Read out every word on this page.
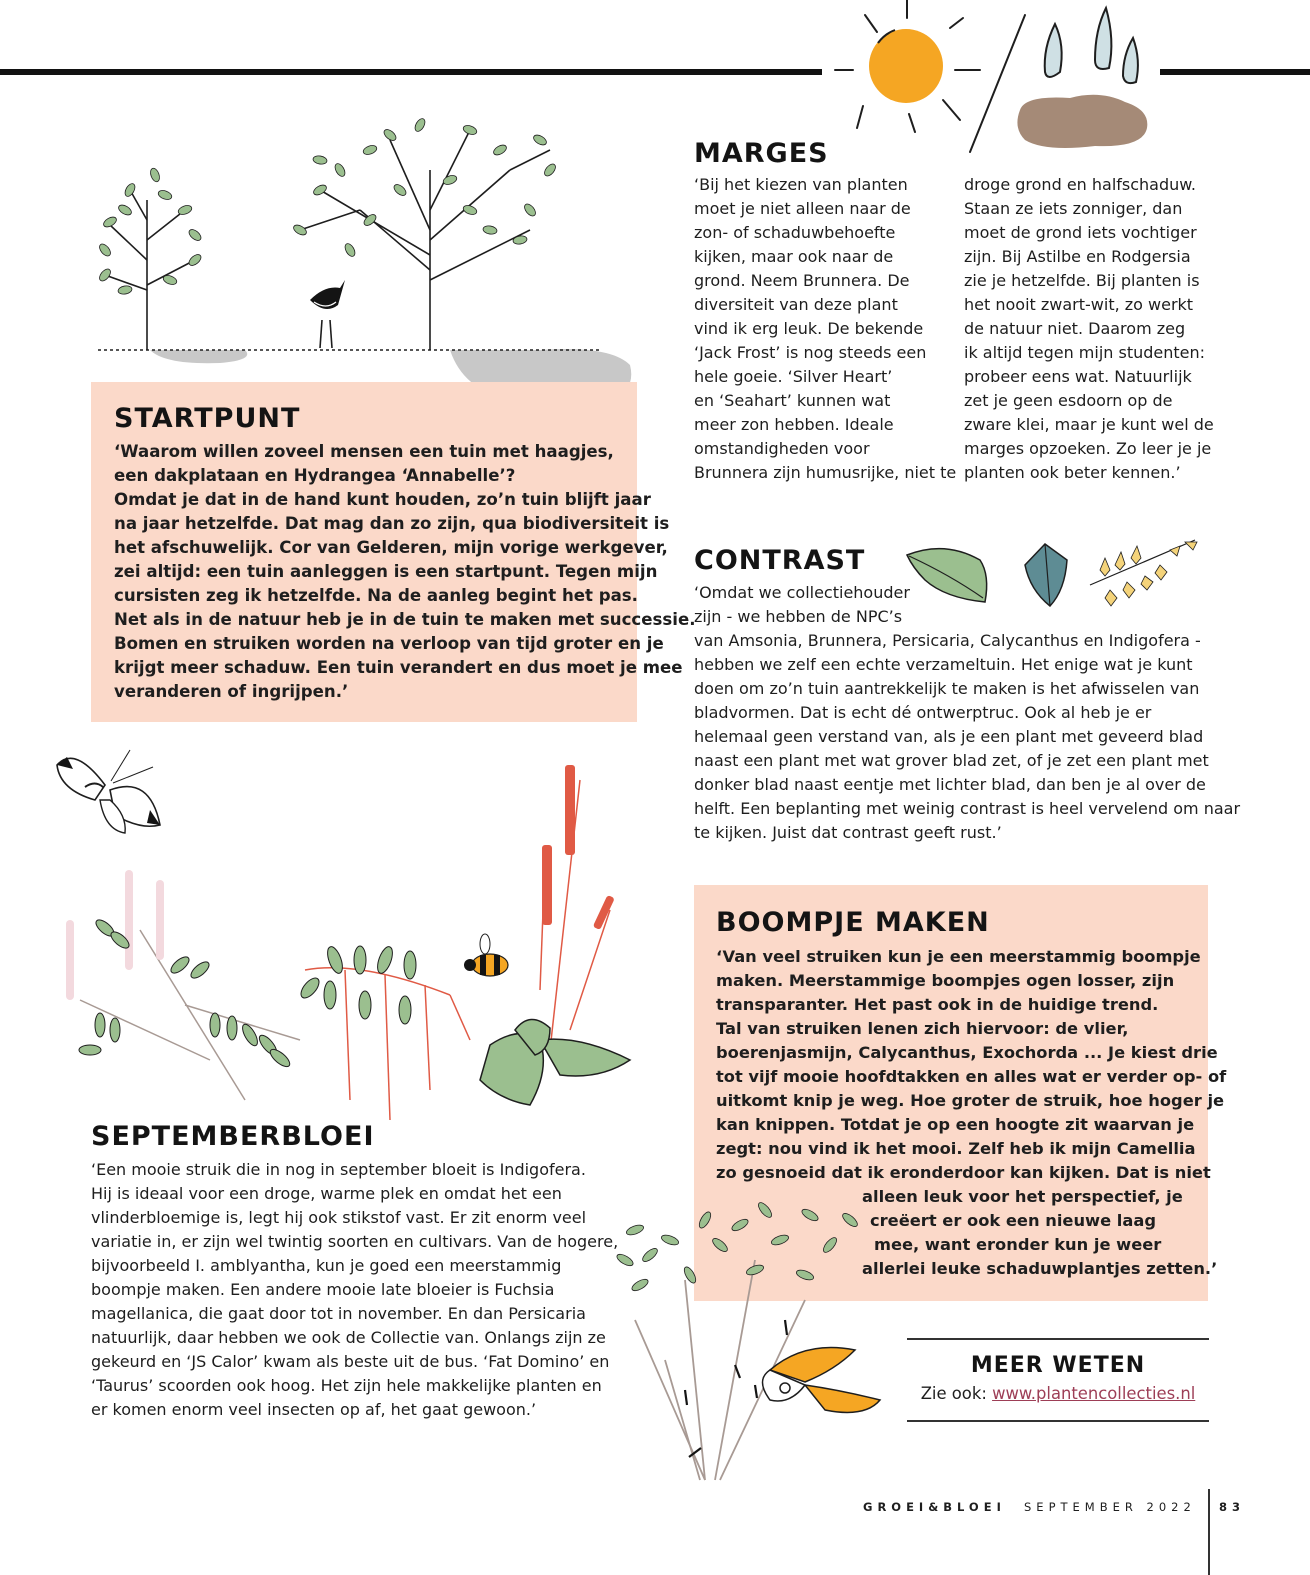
STARTPUNT
‘Waarom willen zoveel mensen een tuin met haagjes,
een dakplataan en Hydrangea ‘Annabelle’?
Omdat je dat in de hand kunt houden, zo’n tuin blijft jaar
na jaar hetzelfde. Dat mag dan zo zijn, qua biodiversiteit is
het afschuwelijk. Cor van Gelderen, mijn vorige werkgever,
zei altijd: een tuin aanleggen is een startpunt. Tegen mijn
cursisten zeg ik hetzelfde. Na de aanleg begint het pas.
Net als in de natuur heb je in de tuin te maken met successie.
Bomen en struiken worden na verloop van tijd groter en je
krijgt meer schaduw. Een tuin verandert en dus moet je mee
veranderen of ingrijpen.’
MARGES
‘Bij het kiezen van planten
moet je niet alleen naar de
zon- of schaduwbehoefte
kijken, maar ook naar de
grond. Neem Brunnera. De
diversiteit van deze plant
vind ik erg leuk. De bekende
‘Jack Frost’ is nog steeds een
hele goeie. ‘Silver Heart’
en ‘Seahart’ kunnen wat
meer zon hebben. Ideale
omstandigheden voor
Brunnera zijn humusrijke, niet te
droge grond en halfschaduw.
Staan ze iets zonniger, dan
moet de grond iets vochtiger
zijn. Bij Astilbe en Rodgersia
zie je hetzelfde. Bij planten is
het nooit zwart-wit, zo werkt
de natuur niet. Daarom zeg
ik altijd tegen mijn studenten:
probeer eens wat. Natuurlijk
zet je geen esdoorn op de
zware klei, maar je kunt wel de
marges opzoeken. Zo leer je je
planten ook beter kennen.’
CONTRAST
‘Omdat we collectiehouder
zijn - we hebben de NPC’s
van Amsonia, Brunnera, Persicaria, Calycanthus en Indigofera -
hebben we zelf een echte verzameltuin. Het enige wat je kunt
doen om zo’n tuin aantrekkelijk te maken is het afwisselen van
bladvormen. Dat is echt dé ontwerptruc. Ook al heb je er
helemaal geen verstand van, als je een plant met geveerd blad
naast een plant met wat grover blad zet, of je zet een plant met
donker blad naast eentje met lichter blad, dan ben je al over de
helft. Een beplanting met weinig contrast is heel vervelend om naar
te kijken. Juist dat contrast geeft rust.’
BOOMPJE MAKEN
‘Van veel struiken kun je een meerstammig boompje
maken. Meerstammige boompjes ogen losser, zijn
transparanter. Het past ook in de huidige trend.
Tal van struiken lenen zich hiervoor: de vlier,
boerenjasmijn, Calycanthus, Exochorda ... Je kiest drie
tot vijf mooie hoofdtakken en alles wat er verder op- of
uitkomt knip je weg. Hoe groter de struik, hoe hoger je
kan knippen. Totdat je op een hoogte zit waarvan je
zegt: nou vind ik het mooi. Zelf heb ik mijn Camellia
zo gesnoeid dat ik eronderdoor kan kijken. Dat is niet
alleen leuk voor het perspectief, je
creëert er ook een nieuwe laag
mee, want eronder kun je weer
allerlei leuke schaduwplantjes zetten.’
SEPTEMBERBLOEI
‘Een mooie struik die in nog in september bloeit is Indigofera.
Hij is ideaal voor een droge, warme plek en omdat het een
vlinderbloemige is, legt hij ook stikstof vast. Er zit enorm veel
variatie in, er zijn wel twintig soorten en cultivars. Van de hogere,
bijvoorbeeld I. amblyantha, kun je goed een meerstammig
boompje maken. Een andere mooie late bloeier is Fuchsia
magellanica, die gaat door tot in november. En dan Persicaria
natuurlijk, daar hebben we ook de Collectie van. Onlangs zijn ze
gekeurd en ‘JS Calor’ kwam als beste uit de bus. ‘Fat Domino’ en
‘Taurus’ scoorden ook hoog. Het zijn hele makkelijke planten en
er komen enorm veel insecten op af, het gaat gewoon.’
MEER WETEN
Zie ook: www.plantencollecties.nl
GROEI&BLOEI SEPTEMBER 2022 83
